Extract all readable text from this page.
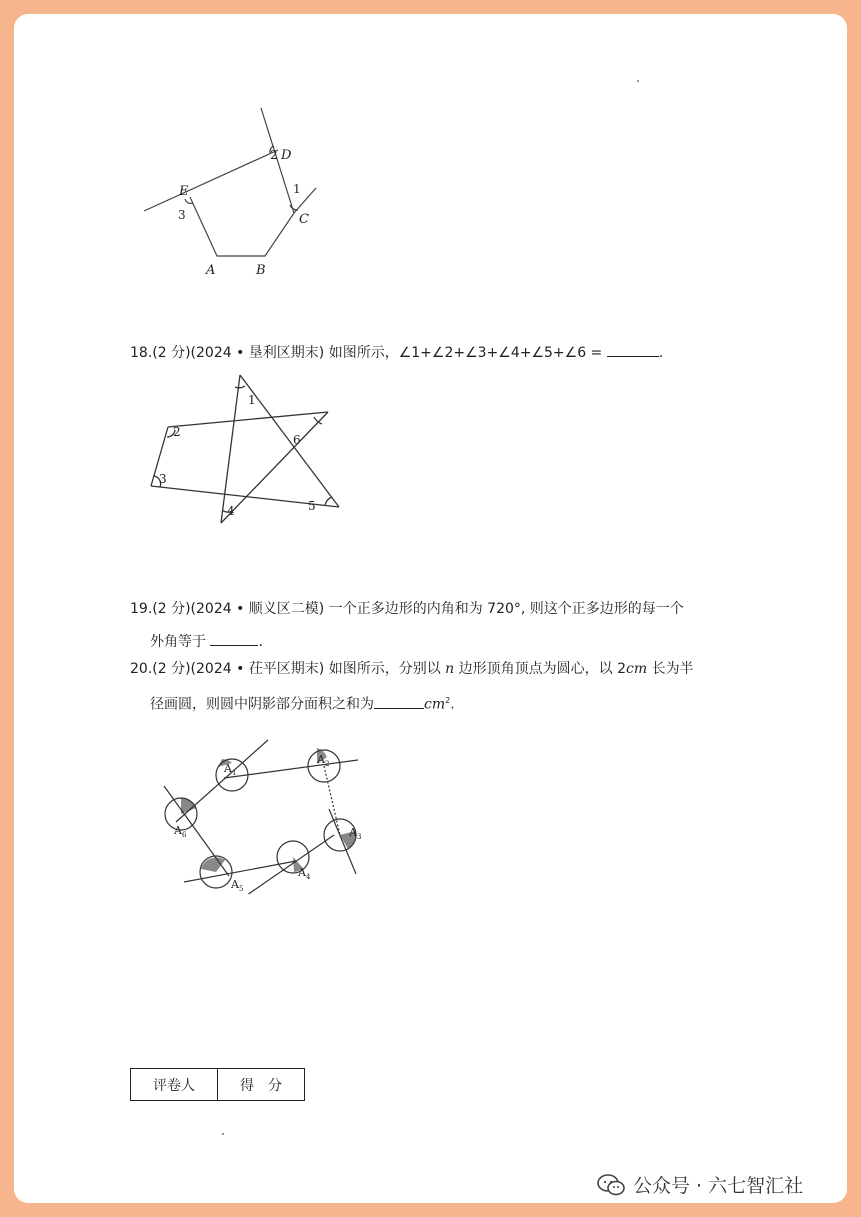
D
C
E
A	B
1
2
3
18.(2 分)(2024 • 垦利区期末) 如图所示，∠1+∠2+∠3+∠4+∠5+∠6 =	.
1
2
3
4	5
6
19.(2 分)(2024 • 顺义区二模) 一个正多边形的内角和为 720°, 则这个正多边形的每一个
外角等于	.
20.(2 分)(2024 • 茌平区期末) 如图所示，分别以 n 边形顶角顶点为圆心，以 2cm 长为半
径画圆，则圆中阴影部分面积之和为	$cm^2$.
$A_1$
$A_2$
$A_3$
$A_4$
$A_5$
$A_6$
评卷人	得　分
公众号 · 六七智汇社
